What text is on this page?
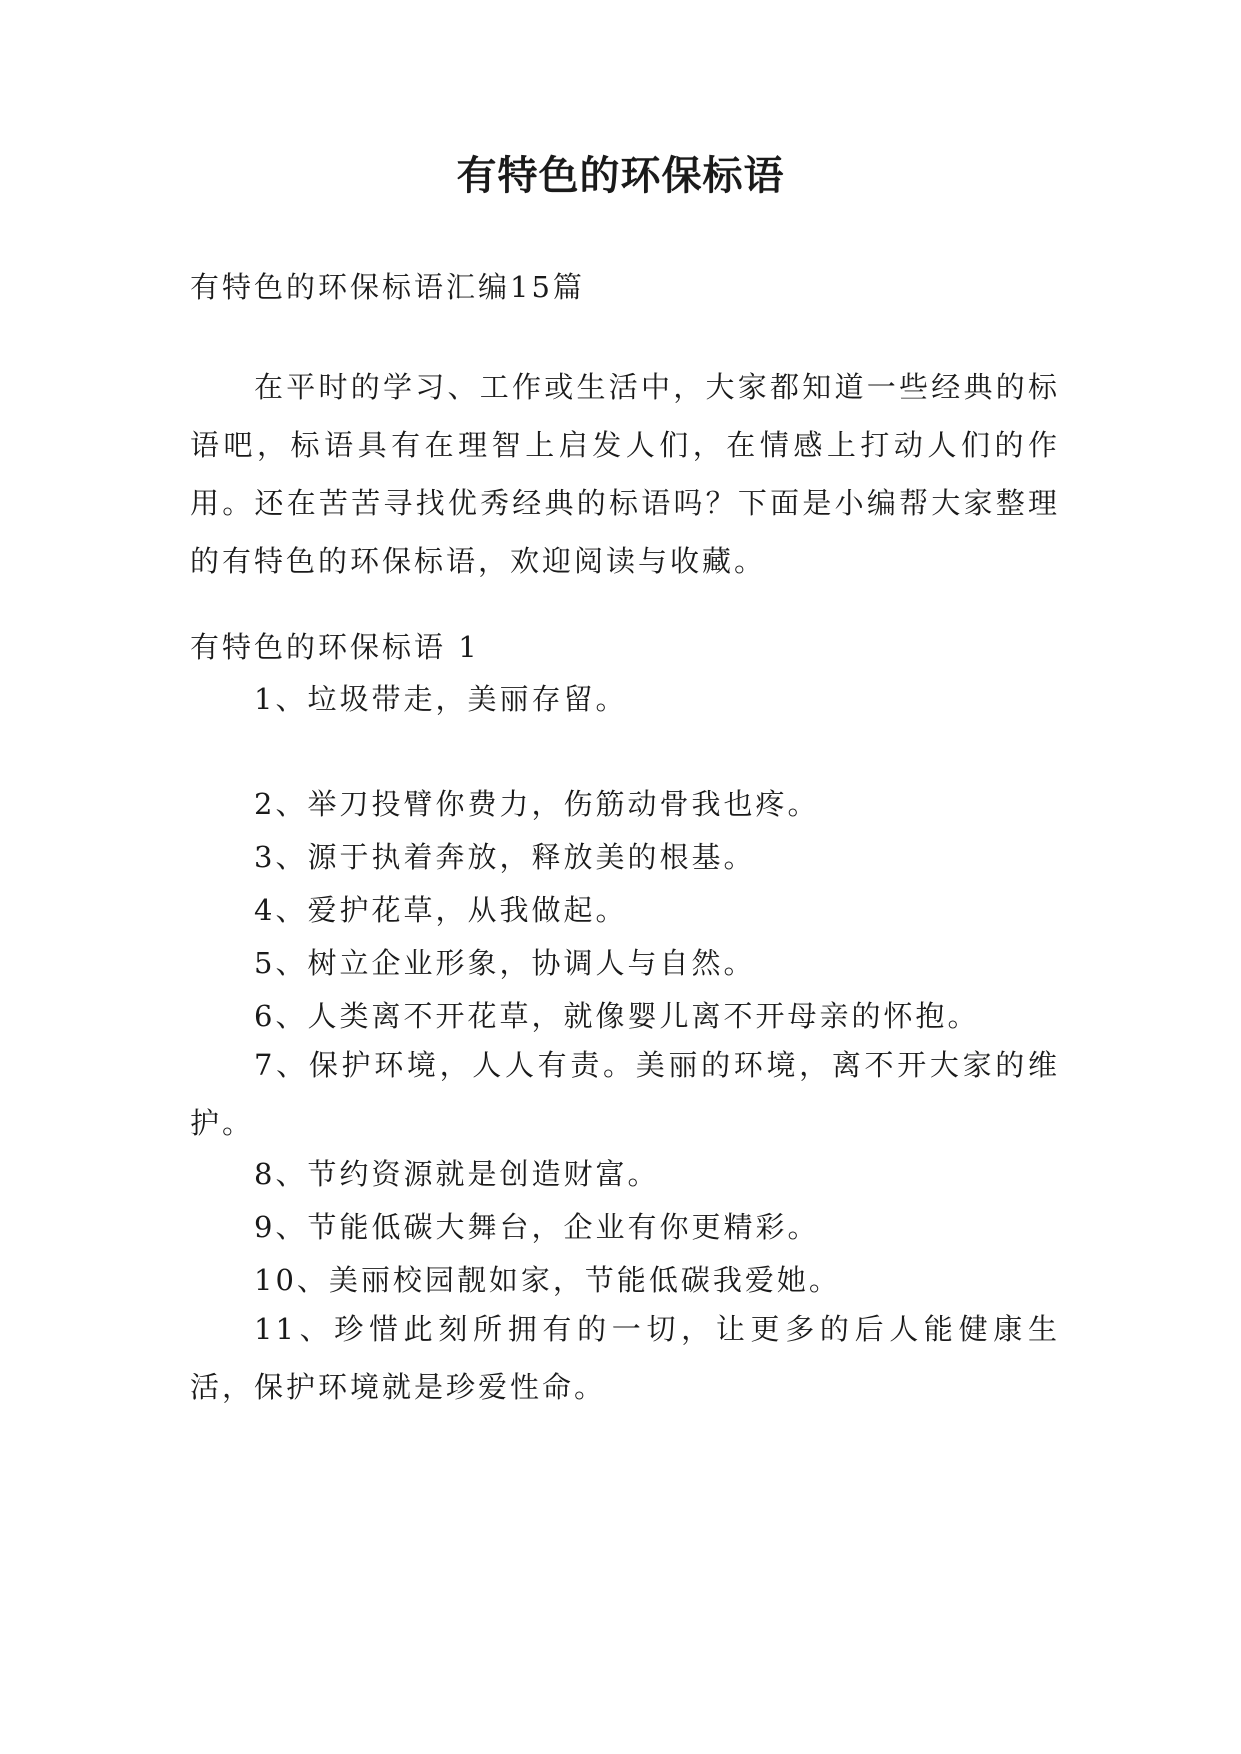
有特色的环保标语
有特色的环保标语汇编15篇
在平时的学习、工作或生活中，大家都知道一些经典的标语吧，标语具有在理智上启发人们，在情感上打动人们的作用。还在苦苦寻找优秀经典的标语吗？下面是小编帮大家整理的有特色的环保标语，欢迎阅读与收藏。
有特色的环保标语 1
1、垃圾带走，美丽存留。
2、举刀投臂你费力，伤筋动骨我也疼。
3、源于执着奔放，释放美的根基。
4、爱护花草，从我做起。
5、树立企业形象，协调人与自然。
6、人类离不开花草，就像婴儿离不开母亲的怀抱。
7、保护环境，人人有责。美丽的环境，离不开大家的维护。
8、节约资源就是创造财富。
9、节能低碳大舞台，企业有你更精彩。
10、美丽校园靓如家，节能低碳我爱她。
11、珍惜此刻所拥有的一切，让更多的后人能健康生活，保护环境就是珍爱性命。
